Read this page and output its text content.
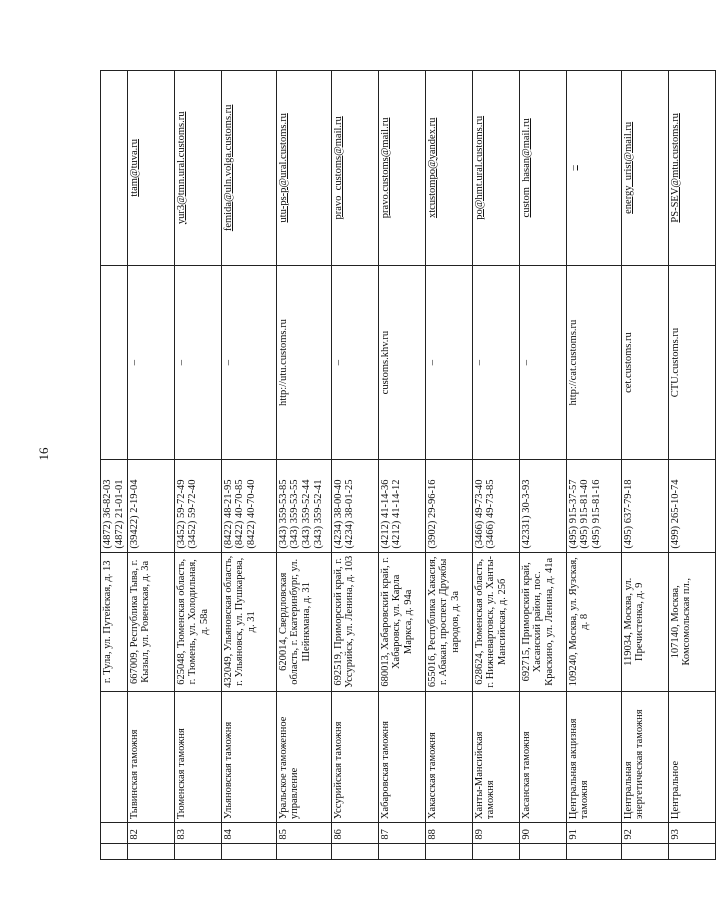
16
			г. Тула, ул. Путейская, д. 13	(4872) 36-82-03 (4872) 21-01-01		

	82	Тывинская таможня	667009, Республика Тыва, г. Кызыл, ул. Ровенская, д. 3а	(39422) 2-19-04	–	ttam@tuva.ru
	83	Тюменская таможня	625048, Тюменская область, г. Тюмень, ул. Холодильная, д. 58а	(3452) 59-72-49 (3452) 59-72-40	–	yur3@tmn.ural.customs.ru
	84	Ульяновская таможня	432049, Ульяновская область, г. Ульяновск, ул. Пушкарева, д. 31	(8422) 48-21-95 (8422) 40-70-85 (8422) 40-70-40	–	femida@uln.volga.customs.ru
	85	Уральское таможенное управление	620014, Свердловская область, г. Екатеринбург, ул. Шейнкмана, д. 31	(343) 359-53-85 (343) 359-53-55 (343) 359-52-44 (343) 359-52-41	http://utu.customs.ru	utu-ps-p@ural.customs.ru
	86	Уссурийская таможня	692519, Приморский край, г. Уссурийск, ул. Ленина, д. 103	(4234) 38-00-40 (4234) 38-01-25	–	pravo_customs@mail.ru
	87	Хабаровская таможня	680013, Хабаровский край, г. Хабаровск, ул. Карла Маркса, д. 94а	(4212) 41-14-36 (4212) 41-14-12	customs.khv.ru	pravo.customs@mail.ru
	88	Хакасская таможня	655016, Республика Хакасия, г. Абакан, проспект Дружбы народов, д. 3а	(3902) 29-96-16	–	xtcustompo@yandex.ru
	89	Ханты-Мансийская таможня	628624, Тюменская область, г. Нижневартовск, ул. Ханты-Мансийская, д. 25б	(3466) 49-73-40 (3466) 49-73-85	–	po@hmt.ural.customs.ru
	90	Хасанская таможня	692715, Приморский край, Хасанский район, пос. Краскино, ул. Ленина, д. 41а	(42331) 30-3-93	–	custom_hasan@mail.ru
	91	Центральная акцизная таможня	109240, Москва, ул. Яузская, д. 8	(495) 915-37-57 (495) 915-81-40 (495) 915-81-16	http://cat.customs.ru	–
	92	Центральная энергетическая таможня	119034, Москва, ул. Пречистенка, д. 9	(495) 637-79-18	cet.customs.ru	energy_urist@mail.ru
	93	Центральное	107140, Москва, Комсомольская пл.,	(499) 265-10-74	CTU.customs.ru	PS-SEV@mtu.customs.ru
